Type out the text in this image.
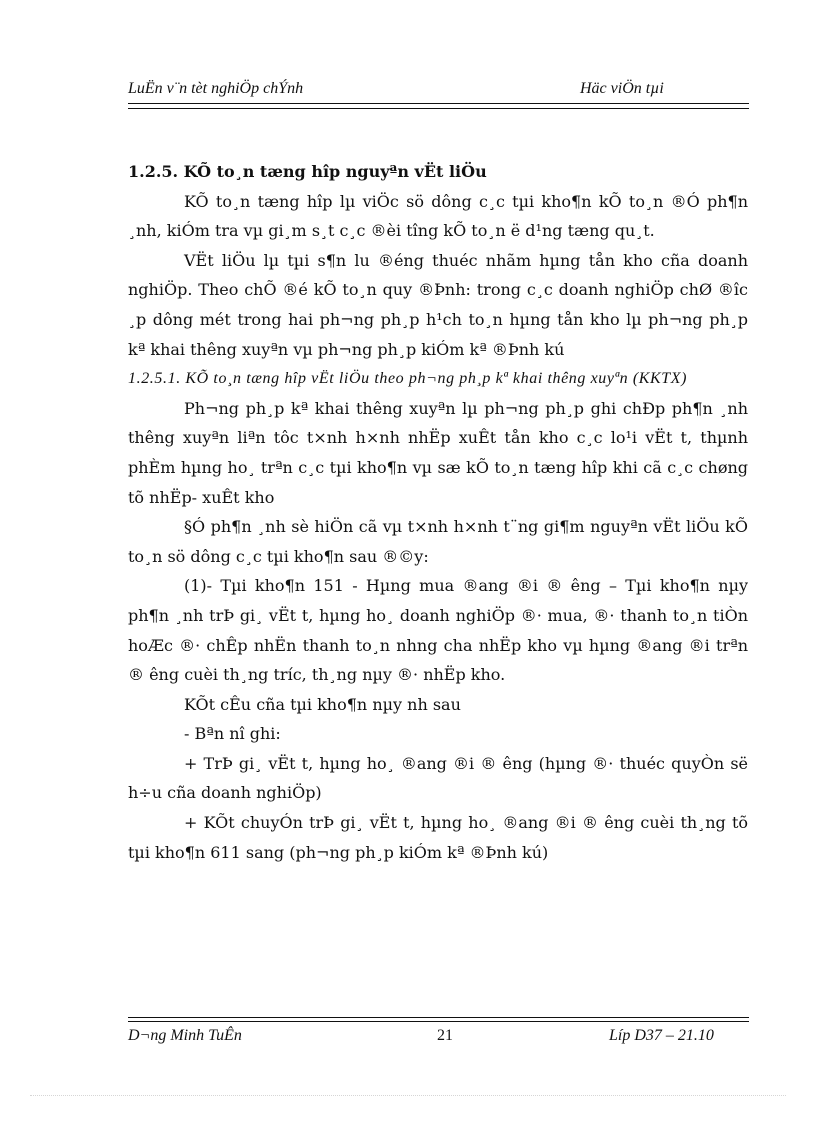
LuËn v¨n tèt nghiÖp chÝnh	Häc viÖn tµi

1.2.5. KÕ to¸n tæng hîp nguyªn vËt liÖu

KÕ to¸n tæng hîp lµ viÖc sö dông c¸c tµi kho¶n kÕ to¸n ®Ó ph¶n ¸nh, kiÓm tra vµ gi¸m s¸t c¸c ®èi tîng kÕ to¸n ë d¹ng tæng qu¸t.

VËt liÖu lµ tµi s¶n lu ®éng thuéc nhãm hµng tån kho cña doanh nghiÖp. Theo chÕ ®é kÕ to¸n quy ®Þnh: trong c¸c doanh nghiÖp chØ ®îc ¸p dông mét trong hai ph¬ng ph¸p h¹ch to¸n hµng tån kho lµ ph¬ng ph¸p kª khai thêng xuyªn vµ ph¬ng ph¸p kiÓm kª ®Þnh kú

1.2.5.1. KÕ to¸n tæng hîp vËt liÖu theo ph¬ng ph¸p kª khai thêng xuyªn (KKTX)

Ph¬ng ph¸p kª khai thêng xuyªn lµ ph¬ng ph¸p ghi chÐp ph¶n ¸nh thêng xuyªn liªn tôc t×nh h×nh nhËp xuÊt tån kho c¸c lo¹i vËt t, thµnh phÈm hµng ho¸ trªn c¸c tµi kho¶n vµ sæ kÕ to¸n tæng hîp khi cã c¸c chøng tõ nhËp- xuÊt kho

§Ó ph¶n ¸nh sè hiÖn cã vµ t×nh h×nh t¨ng gi¶m nguyªn vËt liÖu kÕ to¸n sö dông c¸c tµi kho¶n sau ®©y:

(1)- Tµi kho¶n 151 - Hµng mua ®ang ®i ® êng – Tµi kho¶n nµy ph¶n ¸nh trÞ gi¸ vËt t, hµng ho¸ doanh nghiÖp ®· mua, ®· thanh to¸n tiÒn hoÆc ®· chÊp nhËn thanh to¸n nhng cha nhËp kho vµ hµng ®ang ®i trªn ® êng cuèi th¸ng tríc, th¸ng nµy ®· nhËp kho.

KÕt cÊu cña tµi kho¶n nµy nh sau

- Bªn nî ghi:

+ TrÞ gi¸ vËt t, hµng ho¸ ®ang ®i ® êng (hµng ®· thuéc quyÒn së h÷u cña doanh nghiÖp)

+ KÕt chuyÓn trÞ gi¸ vËt t, hµng ho¸ ®ang ®i ® êng cuèi th¸ng tõ tµi kho¶n 611 sang (ph¬ng ph¸p kiÓm kª ®Þnh kú)

D¬ng Minh TuÊn	21	Líp D37 – 21.10
